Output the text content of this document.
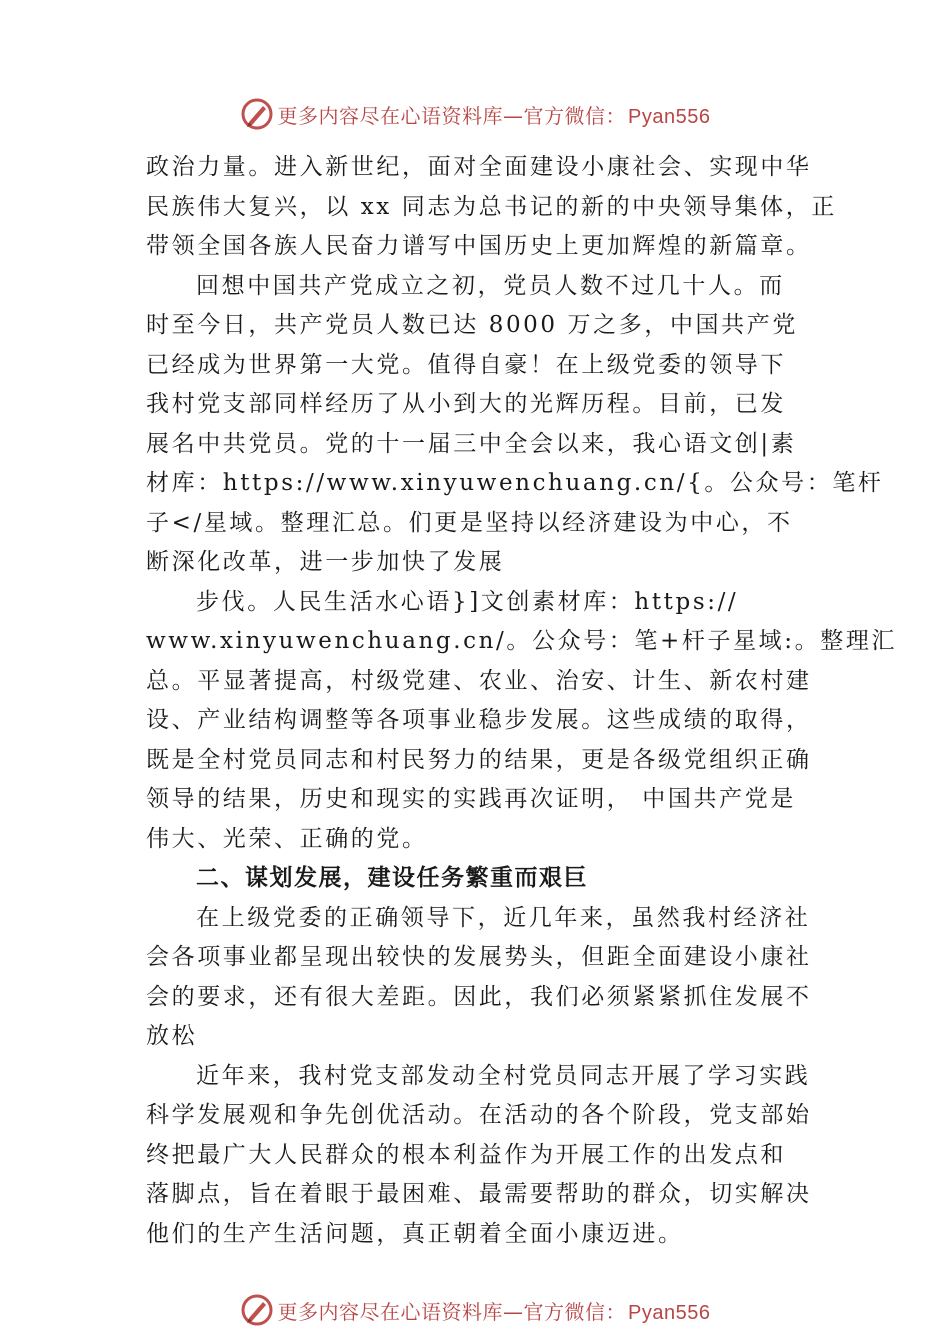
更多内容尽在心语资料库—官方微信： Pyan556
政治力量。进入新世纪，面对全面建设小康社会、实现中华
民族伟大复兴，以 xx 同志为总书记的新的中央领导集体，正
带领全国各族人民奋力谱写中国历史上更加辉煌的新篇章。
回想中国共产党成立之初，党员人数不过几十人。而
时至今日，共产党员人数已达 8000 万之多，中国共产党
已经成为世界第一大党。值得自豪！在上级党委的领导下
我村党支部同样经历了从小到大的光辉历程。目前，已发
展名中共党员。党的十一届三中全会以来，我心语文创|素
材库：https://www.xinyuwenchuang.cn/{。公众号：笔杆
子</星域。整理汇总。们更是坚持以经济建设为中心，不
断深化改革，进一步加快了发展
步伐。人民生活水心语}]文创素材库：https://
www.xinyuwenchuang.cn/。公众号：笔+杆子星域:。整理汇
总。平显著提高，村级党建、农业、治安、计生、新农村建
设、产业结构调整等各项事业稳步发展。这些成绩的取得，
既是全村党员同志和村民努力的结果，更是各级党组织正确
领导的结果，历史和现实的实践再次证明， 中国共产党是
伟大、光荣、正确的党。
二、谋划发展，建设任务繁重而艰巨
在上级党委的正确领导下，近几年来，虽然我村经济社
会各项事业都呈现出较快的发展势头，但距全面建设小康社
会的要求，还有很大差距。因此，我们必须紧紧抓住发展不
放松
近年来，我村党支部发动全村党员同志开展了学习实践
科学发展观和争先创优活动。在活动的各个阶段，党支部始
终把最广大人民群众的根本利益作为开展工作的出发点和
落脚点，旨在着眼于最困难、最需要帮助的群众，切实解决
他们的生产生活问题，真正朝着全面小康迈进。
更多内容尽在心语资料库—官方微信： Pyan556
